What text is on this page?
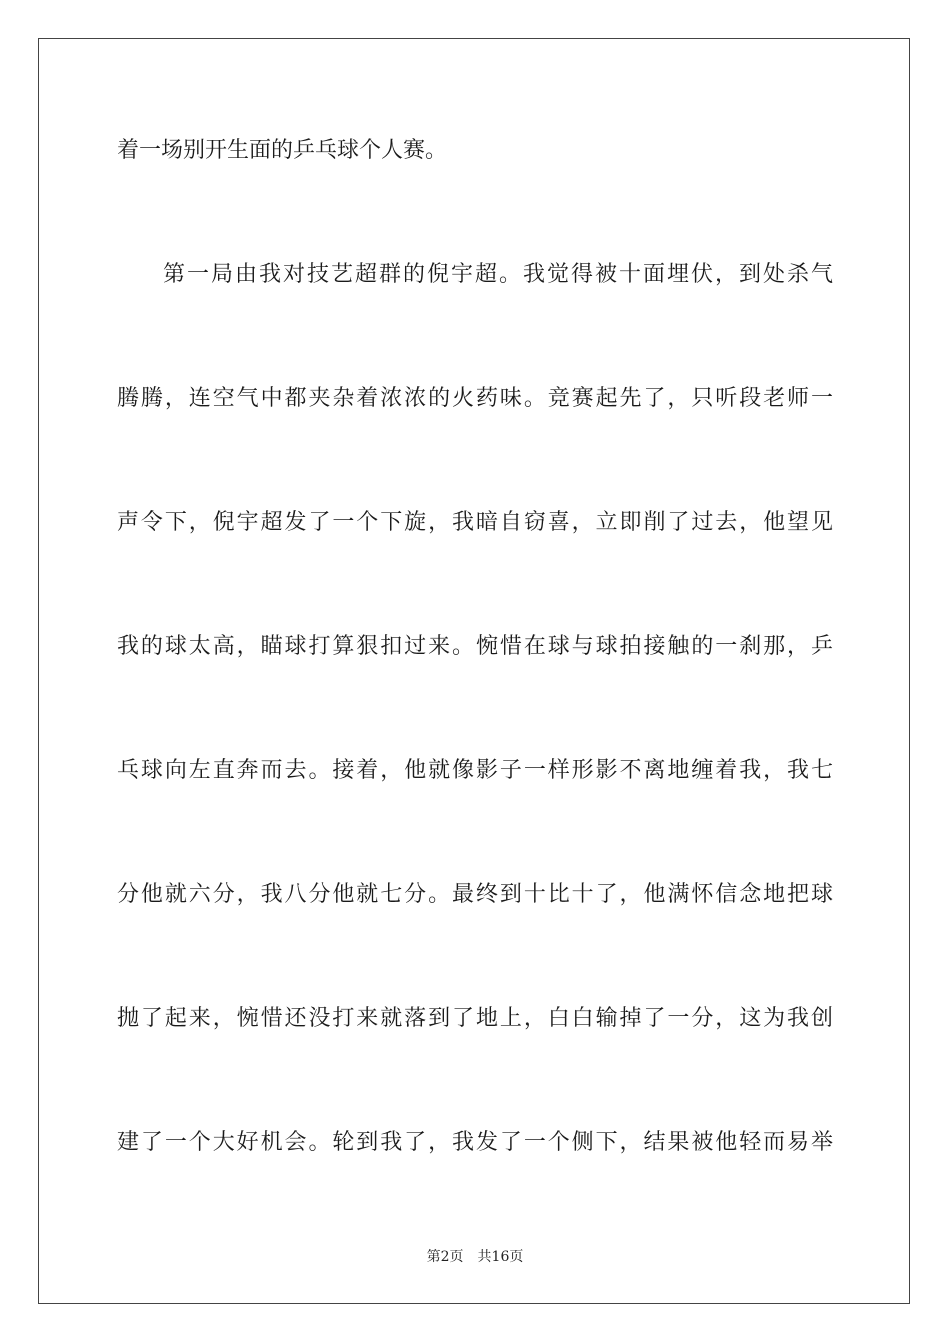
着一场别开生面的乒乓球个人赛。
第一局由我对技艺超群的倪宇超。我觉得被十面埋伏，到处杀气
腾腾，连空气中都夹杂着浓浓的火药味。竞赛起先了，只听段老师一
声令下，倪宇超发了一个下旋，我暗自窃喜，立即削了过去，他望见
我的球太高，瞄球打算狠扣过来。惋惜在球与球拍接触的一刹那，乒
乓球向左直奔而去。接着，他就像影子一样形影不离地缠着我，我七
分他就六分，我八分他就七分。最终到十比十了，他满怀信念地把球
抛了起来，惋惜还没打来就落到了地上，白白输掉了一分，这为我创
建了一个大好机会。轮到我了，我发了一个侧下，结果被他轻而易举
第2页 共16页
